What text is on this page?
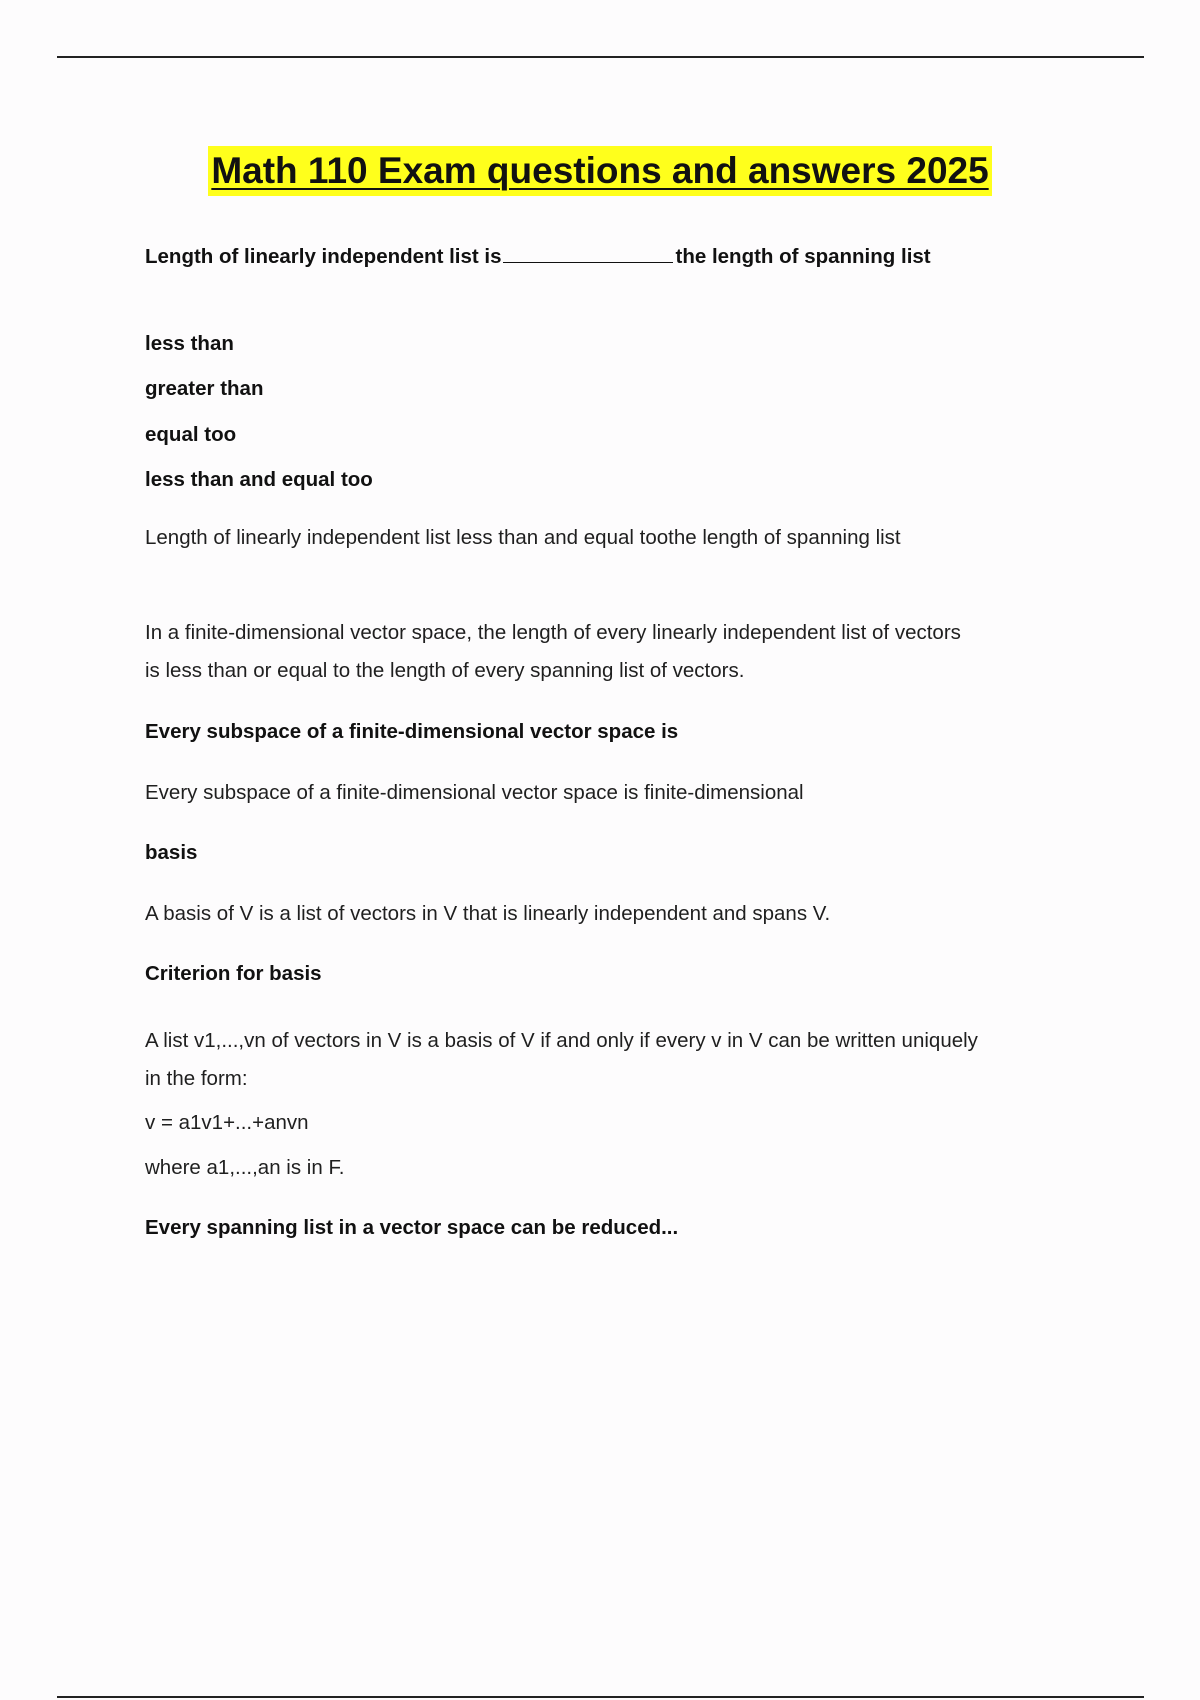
Math 110 Exam questions and answers 2025
Length of linearly independent list is	the length of spanning list
less than
greater than
equal too
less than and equal too
Length of linearly independent list less than and equal toothe length of spanning list
In a finite-dimensional vector space, the length of every linearly independent list of vectors
is less than or equal to the length of every spanning list of vectors.
Every subspace of a finite-dimensional vector space is
Every subspace of a finite-dimensional vector space is finite-dimensional
basis
A basis of V is a list of vectors in V that is linearly independent and spans V.
Criterion for basis
A list v1,...,vn of vectors in V is a basis of V if and only if every v in V can be written uniquely
in the form:
v = a1v1+...+anvn
where a1,...,an is in F.
Every spanning list in a vector space can be reduced...
